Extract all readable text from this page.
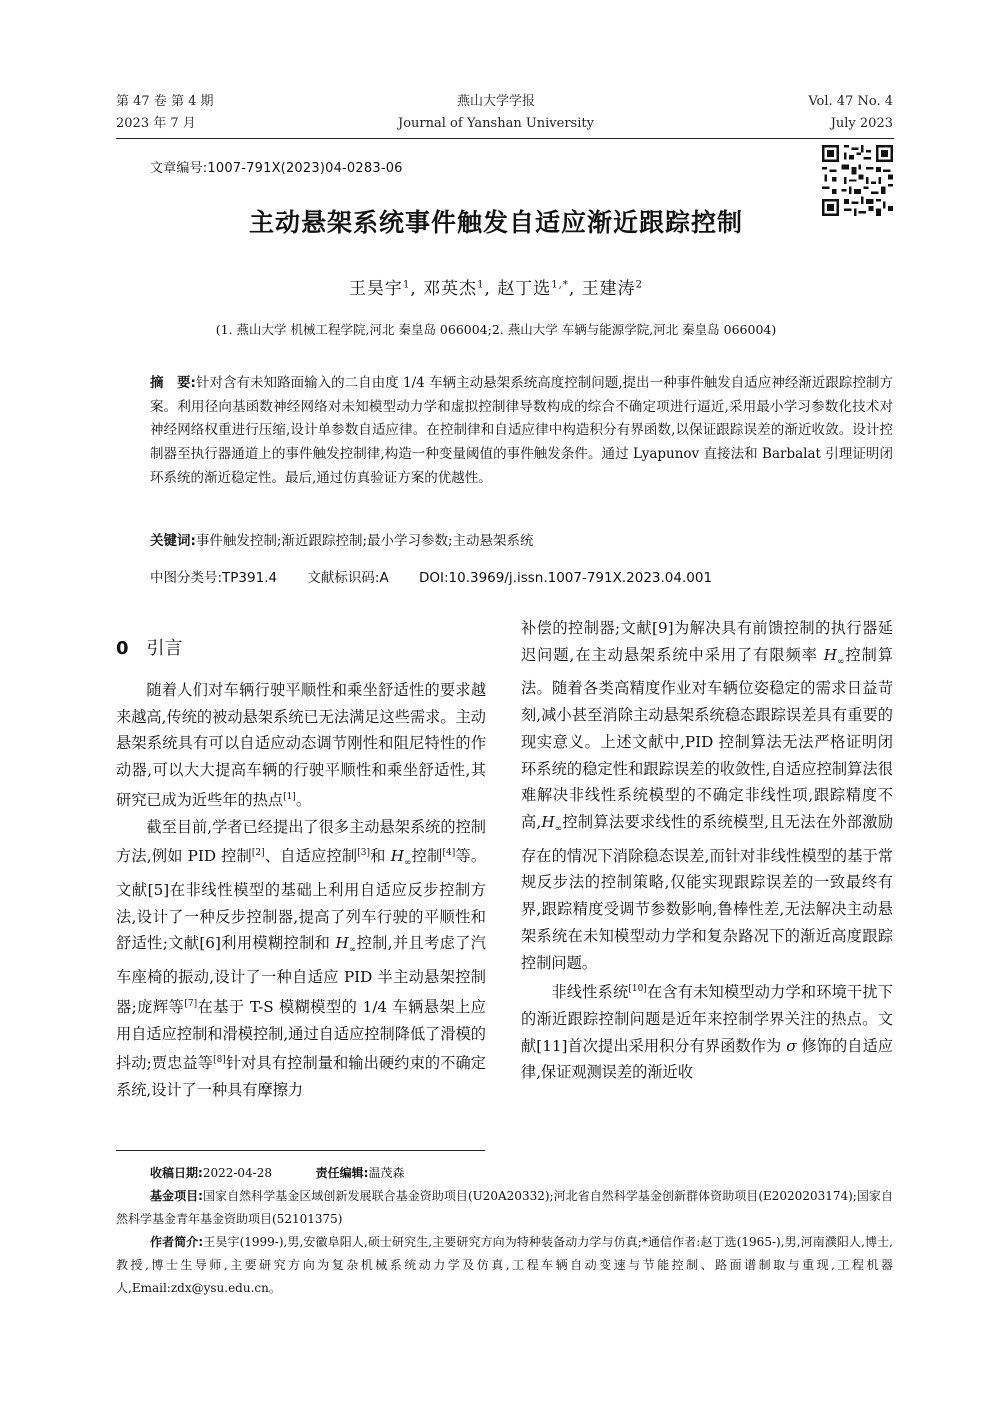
第 47 卷 第 4 期
2023 年 7 月
燕山大学学报
Journal of Yanshan University
Vol. 47 No. 4
July 2023
文章编号:1007-791X(2023)04-0283-06
主动悬架系统事件触发自适应渐近跟踪控制
王昊宇$^1$, 邓英杰$^1$, 赵丁选$^{1,*}$, 王建涛$^2$
(1. 燕山大学 机械工程学院,河北 秦皇岛 066004;2. 燕山大学 车辆与能源学院,河北 秦皇岛 066004)
摘　要:针对含有未知路面输入的二自由度 1/4 车辆主动悬架系统高度控制问题,提出一种事件触发自适应神经渐近跟踪控制方案。利用径向基函数神经网络对未知模型动力学和虚拟控制律导数构成的综合不确定项进行逼近,采用最小学习参数化技术对神经网络权重进行压缩,设计单参数自适应律。在控制律和自适应律中构造积分有界函数,以保证跟踪误差的渐近收敛。设计控制器至执行器通道上的事件触发控制律,构造一种变量阈值的事件触发条件。通过 Lyapunov 直接法和 Barbalat 引理证明闭环系统的渐近稳定性。最后,通过仿真验证方案的优越性。
关键词:事件触发控制;渐近跟踪控制;最小学习参数;主动悬架系统
中图分类号:TP391.4 文献标识码:A DOI:10.3969/j.issn.1007-791X.2023.04.001
0 引言

随着人们对车辆行驶平顺性和乘坐舒适性的要求越来越高,传统的被动悬架系统已无法满足这些需求。主动悬架系统具有可以自适应动态调节刚性和阻尼特性的作动器,可以大大提高车辆的行驶平顺性和乘坐舒适性,其研究已成为近些年的热点[1]。

截至目前,学者已经提出了很多主动悬架系统的控制方法,例如 PID 控制[2]、自适应控制[3]和 $H_\infty$控制[4]等。文献[5]在非线性模型的基础上利用自适应反步控制方法,设计了一种反步控制器,提高了列车行驶的平顺性和舒适性;文献[6]利用模糊控制和 $H_\infty$控制,并且考虑了汽车座椅的振动,设计了一种自适应 PID 半主动悬架控制器;庞辉等[7]在基于 T-S 模糊模型的 1/4 车辆悬架上应用自适应控制和滑模控制,通过自适应控制降低了滑模的抖动;贾忠益等[8]针对具有控制量和输出硬约束的不确定系统,设计了一种具有摩擦力

补偿的控制器;文献[9]为解决具有前馈控制的执行器延迟问题,在主动悬架系统中采用了有限频率 $H_\infty$控制算法。随着各类高精度作业对车辆位姿稳定的需求日益苛刻,减小甚至消除主动悬架系统稳态跟踪误差具有重要的现实意义。上述文献中,PID 控制算法无法严格证明闭环系统的稳定性和跟踪误差的收敛性,自适应控制算法很难解决非线性系统模型的不确定非线性项,跟踪精度不高$,H_\infty$控制算法要求线性的系统模型,且无法在外部激励存在的情况下消除稳态误差,而针对非线性模型的基于常规反步法的控制策略,仅能实现跟踪误差的一致最终有界,跟踪精度受调节参数影响,鲁棒性差,无法解决主动悬架系统在未知模型动力学和复杂路况下的渐近高度跟踪控制问题。

非线性系统[10]在含有未知模型动力学和环境干扰下的渐近跟踪控制问题是近年来控制学界关注的热点。文献[11]首次提出采用积分有界函数作为 σ 修饰的自适应律,保证观测误差的渐近收

收稿日期:2022-04-28	责任编辑:温茂森
基金项目:国家自然科学基金区域创新发展联合基金资助项目(U20A20332);河北省自然科学基金创新群体资助项目(E2020203174);国家自然科学基金青年基金资助项目(52101375)
作者简介:王昊宇(1999-),男,安徽阜阳人,硕士研究生,主要研究方向为特种装备动力学与仿真;*通信作者:赵丁选(1965-),男,河南濮阳人,博士,教授,博士生导师,主要研究方向为复杂机械系统动力学及仿真,工程车辆自动变速与节能控制、路面谱制取与重现,工程机器人,Email:zdx@ysu.edu.cn。
